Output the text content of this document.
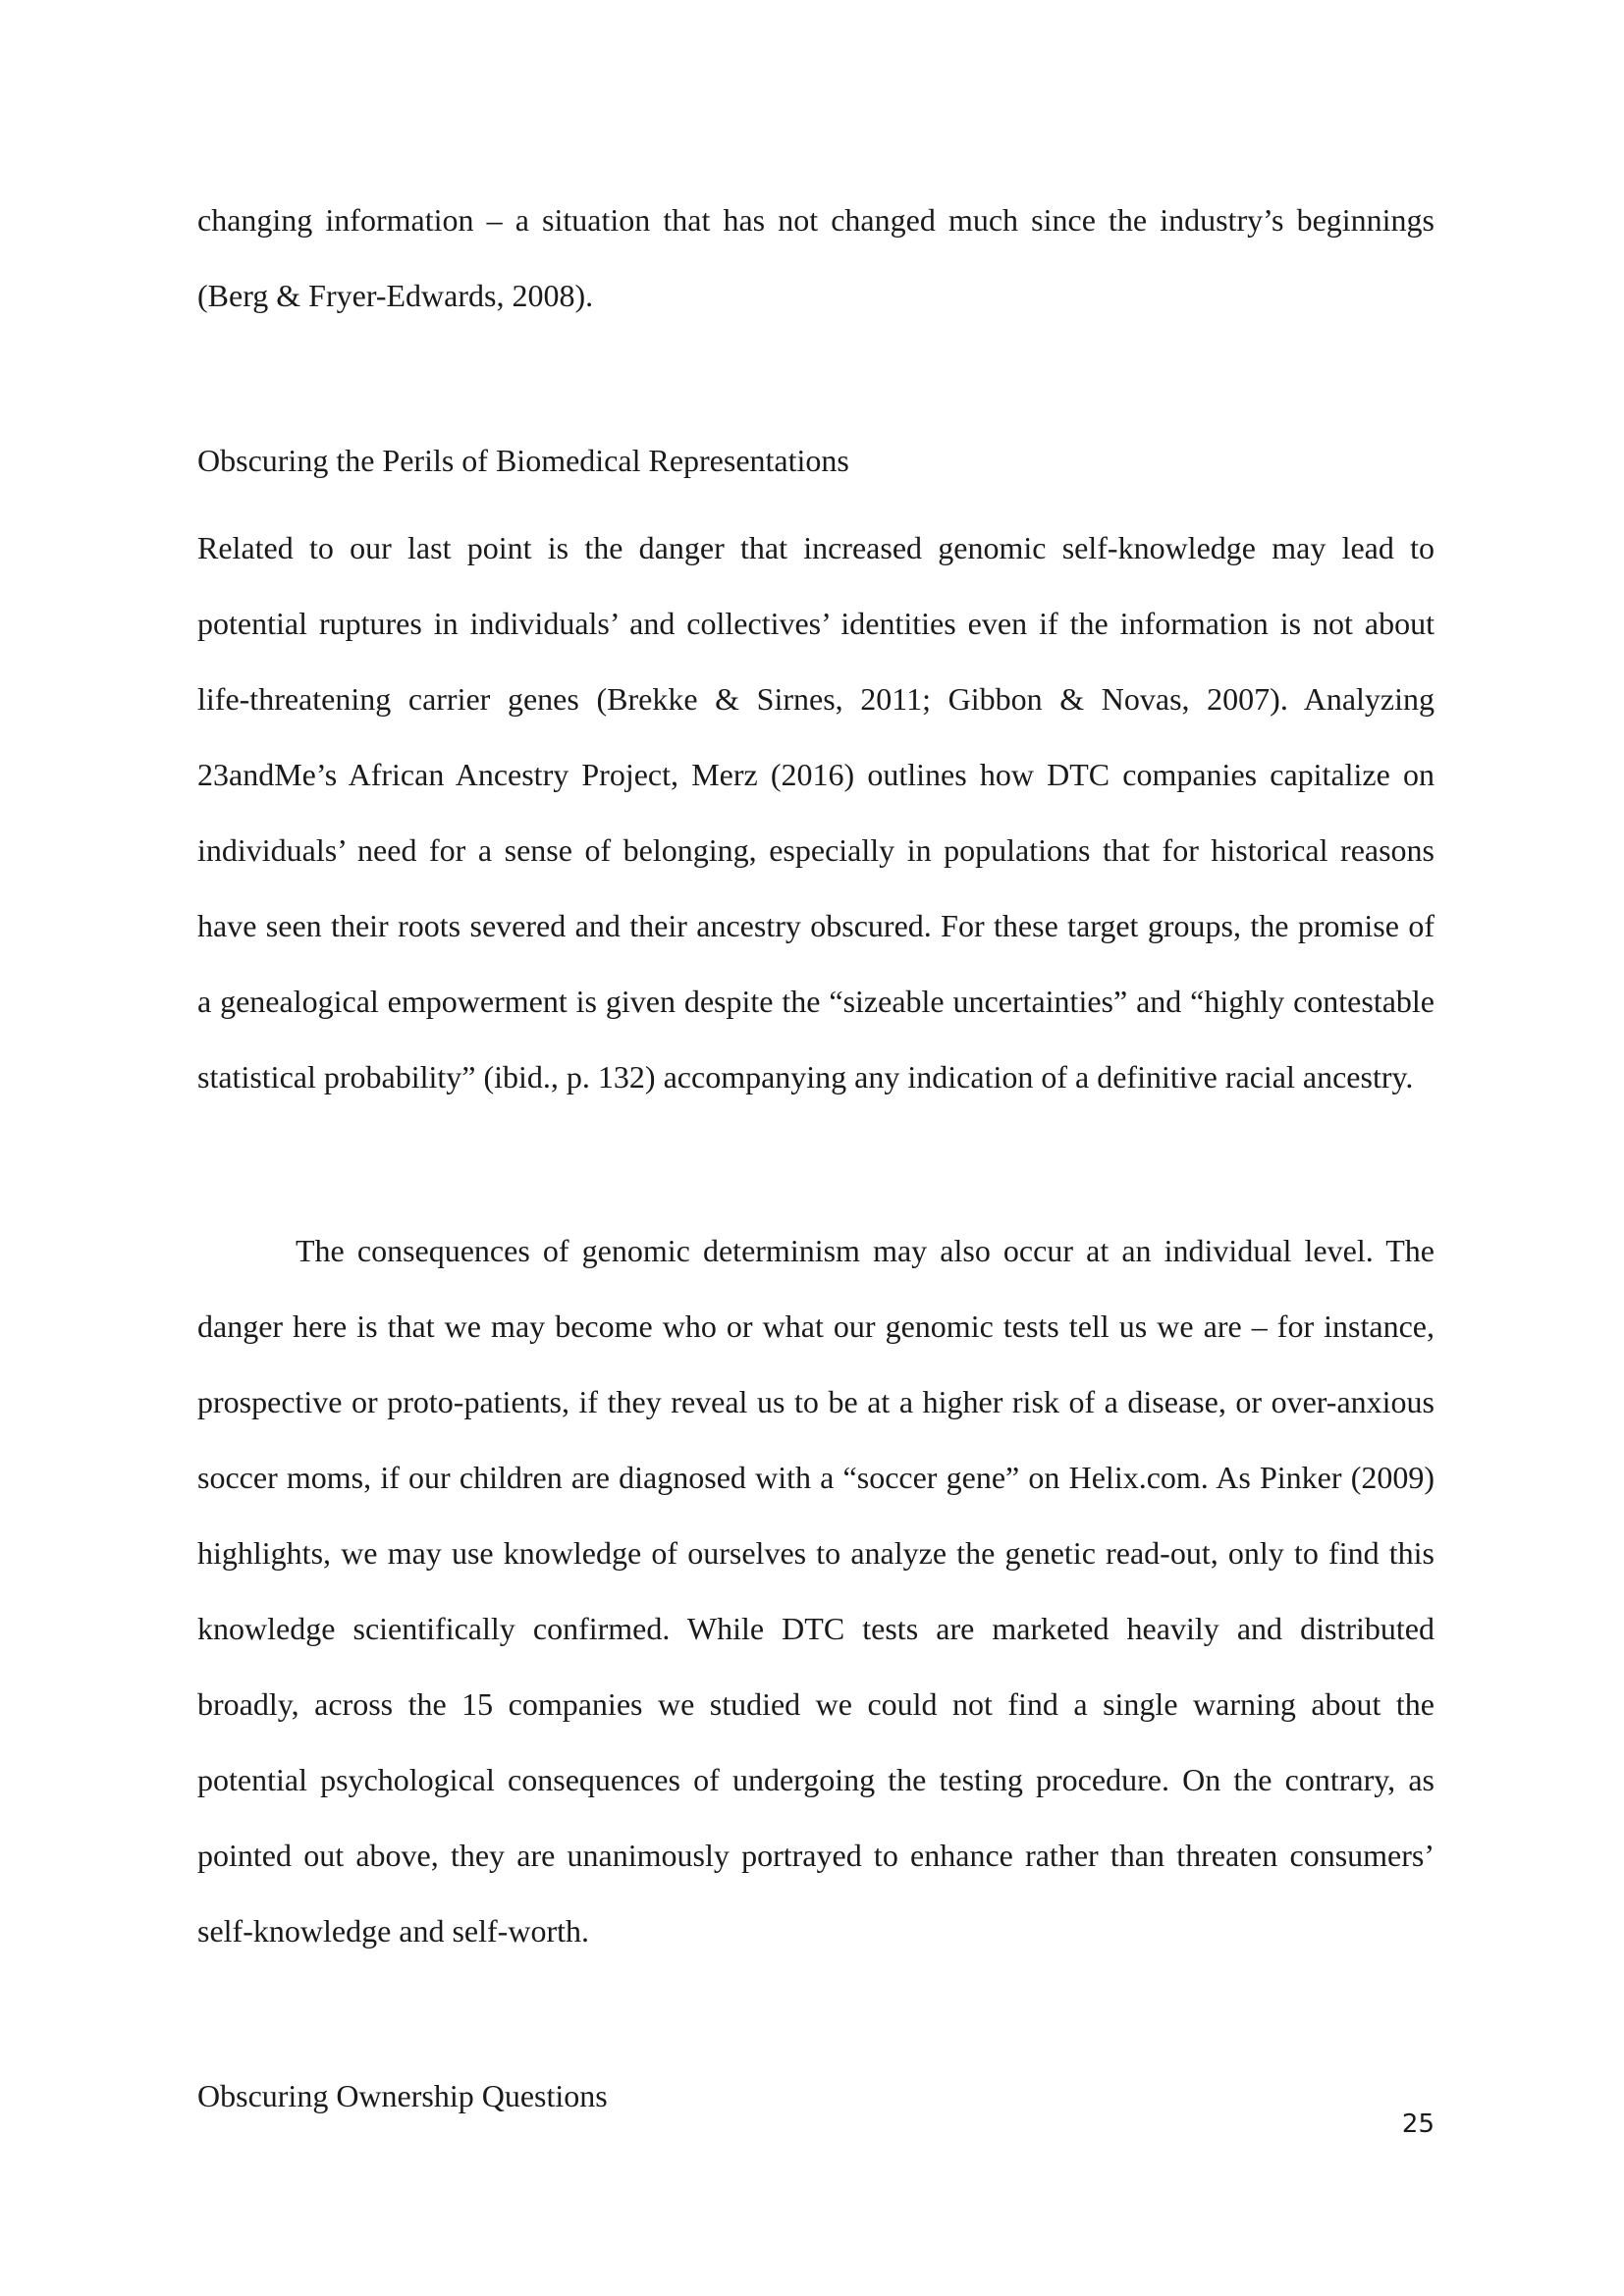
changing information – a situation that has not changed much since the industry’s beginnings (Berg & Fryer-Edwards, 2008).

Obscuring the Perils of Biomedical Representations

Related to our last point is the danger that increased genomic self-knowledge may lead to potential ruptures in individuals’ and collectives’ identities even if the information is not about life-threatening carrier genes (Brekke & Sirnes, 2011; Gibbon & Novas, 2007). Analyzing 23andMe’s African Ancestry Project, Merz (2016) outlines how DTC companies capitalize on individuals’ need for a sense of belonging, especially in populations that for historical reasons have seen their roots severed and their ancestry obscured. For these target groups, the promise of a genealogical empowerment is given despite the “sizeable uncertainties” and “highly contestable statistical probability” (ibid., p. 132) accompanying any indication of a definitive racial ancestry.

The consequences of genomic determinism may also occur at an individual level. The danger here is that we may become who or what our genomic tests tell us we are – for instance, prospective or proto-patients, if they reveal us to be at a higher risk of a disease, or over-anxious soccer moms, if our children are diagnosed with a “soccer gene” on Helix.com. As Pinker (2009) highlights, we may use knowledge of ourselves to analyze the genetic read-out, only to find this knowledge scientifically confirmed. While DTC tests are marketed heavily and distributed broadly, across the 15 companies we studied we could not find a single warning about the potential psychological consequences of undergoing the testing procedure. On the contrary, as pointed out above, they are unanimously portrayed to enhance rather than threaten consumers’ self-knowledge and self-worth.

Obscuring Ownership Questions
25
